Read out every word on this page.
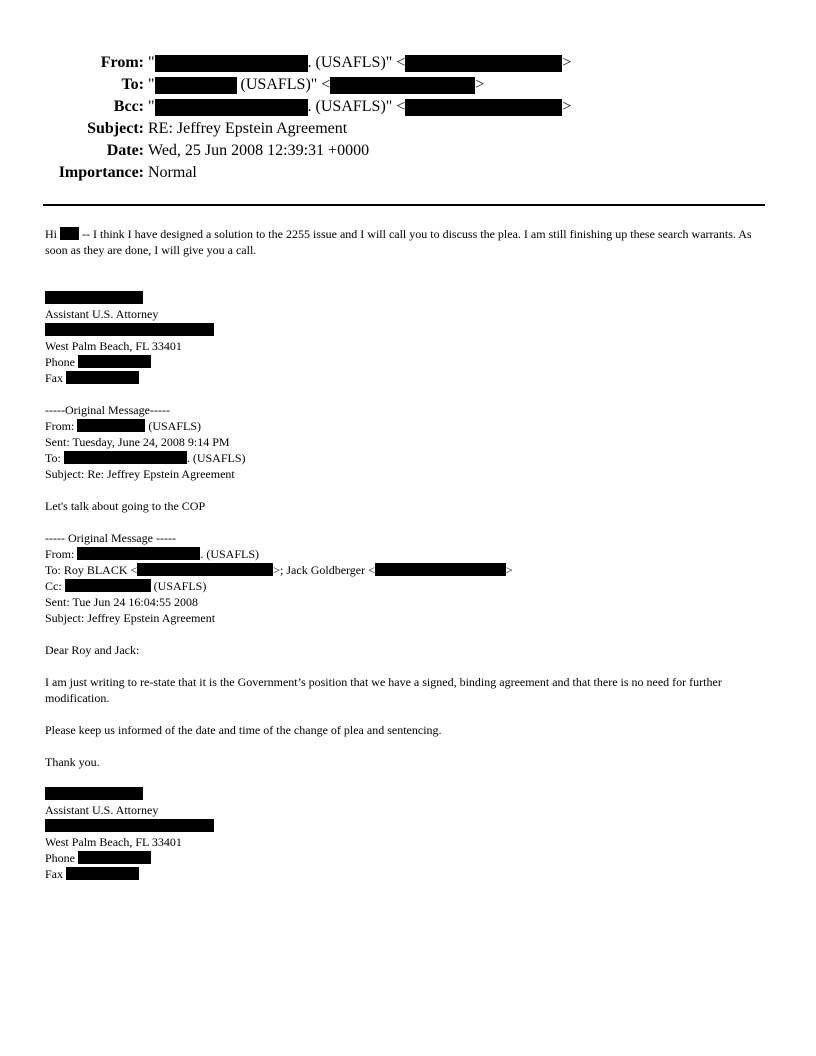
From: "	. (USAFLS)" <	>
To: "	(USAFLS)" <	>
Bcc: "	. (USAFLS)" <	>
Subject: RE: Jeffrey Epstein Agreement
Date: Wed, 25 Jun 2008 12:39:31 +0000
Importance: Normal

Hi  -- I think I have designed a solution to the 2255 issue and I will call you to discuss the plea. I am still finishing up these search warrants. As soon as they are done, I will give you a call.

Assistant U.S. Attorney

West Palm Beach, FL 33401

Phone

Fax

-----Original Message-----

From:	(USAFLS)

Sent: Tuesday, June 24, 2008 9:14 PM

To:	. (USAFLS)

Subject: Re: Jeffrey Epstein Agreement

Let's talk about going to the COP

----- Original Message -----

From:	. (USAFLS)

To: Roy BLACK <	>; Jack Goldberger <	>

Cc:	(USAFLS)

Sent: Tue Jun 24 16:04:55 2008

Subject: Jeffrey Epstein Agreement

Dear Roy and Jack:

I am just writing to re-state that it is the Government’s position that we have a signed, binding agreement and that there is no need for further modification.

Please keep us informed of the date and time of the change of plea and sentencing.

Thank you.

Assistant U.S. Attorney

West Palm Beach, FL 33401

Phone

Fax
